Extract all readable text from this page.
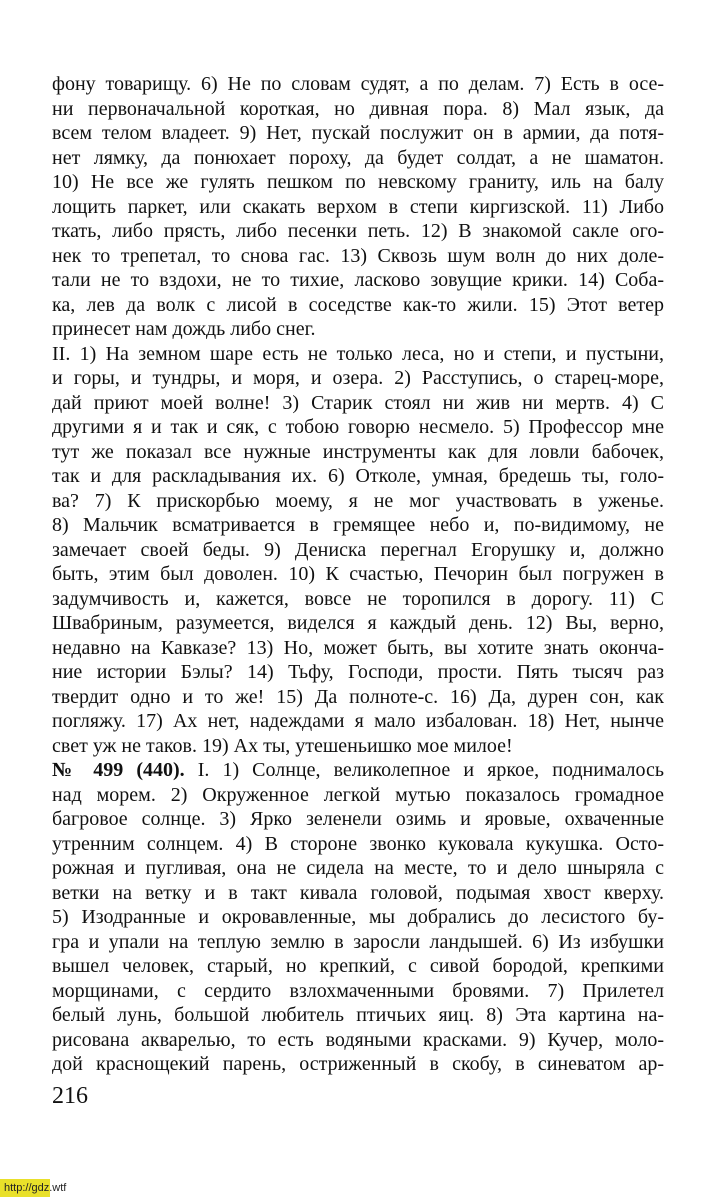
фону товарищу. 6) Не по словам судят, а по делам. 7) Есть в осе-
ни первоначальной короткая, но дивная пора. 8) Мал язык, да
всем телом владеет. 9) Нет, пускай послужит он в армии, да потя-
нет лямку, да понюхает пороху, да будет солдат, а не шаматон.
10) Не все же гулять пешком по невскому граниту, иль на балу
лощить паркет, или скакать верхом в степи киргизской. 11) Либо
ткать, либо прясть, либо песенки петь. 12) В знакомой сакле ого-
нек то трепетал, то снова гас. 13) Сквозь шум волн до них доле-
тали не то вздохи, не то тихие, ласково зовущие крики. 14) Соба-
ка, лев да волк с лисой в соседстве как-то жили. 15) Этот ветер
принесет нам дождь либо снег.
II. 1) На земном шаре есть не только леса, но и степи, и пустыни,
и горы, и тундры, и моря, и озера. 2) Расступись, о старец-море,
дай приют моей волне! 3) Старик стоял ни жив ни мертв. 4) С
другими я и так и сяк, с тобою говорю несмело. 5) Профессор мне
тут же показал все нужные инструменты как для ловли бабочек,
так и для раскладывания их. 6) Отколе, умная, бредешь ты, голо-
ва? 7) К прискорбью моему, я не мог участвовать в уженье.
8) Мальчик всматривается в гремящее небо и, по-видимому, не
замечает своей беды. 9) Дениска перегнал Егорушку и, должно
быть, этим был доволен. 10) К счастью, Печорин был погружен в
задумчивость и, кажется, вовсе не торопился в дорогу. 11) С
Швабриным, разумеется, виделся я каждый день. 12) Вы, верно,
недавно на Кавказе? 13) Но, может быть, вы хотите знать оконча-
ние истории Бэлы? 14) Тьфу, Господи, прости. Пять тысяч раз
твердит одно и то же! 15) Да полноте-с. 16) Да, дурен сон, как
погляжу. 17) Ах нет, надеждами я мало избалован. 18) Нет, нынче
свет уж не таков. 19) Ах ты, утешеньишко мое милое!
№ 499 (440). I. 1) Солнце, великолепное и яркое, поднималось
над морем. 2) Окруженное легкой мутью показалось громадное
багровое солнце. 3) Ярко зеленели озимь и яровые, охваченные
утренним солнцем. 4) В стороне звонко куковала кукушка. Осто-
рожная и пугливая, она не сидела на месте, то и дело шныряла с
ветки на ветку и в такт кивала головой, подымая хвост кверху.
5) Изодранные и окровавленные, мы добрались до лесистого бу-
гра и упали на теплую землю в заросли ландышей. 6) Из избушки
вышел человек, старый, но крепкий, с сивой бородой, крепкими
морщинами, с сердито взлохмаченными бровями. 7) Прилетел
белый лунь, большой любитель птичьих яиц. 8) Эта картина на-
рисована акварелью, то есть водяными красками. 9) Кучер, моло-
дой краснощекий парень, остриженный в скобу, в синеватом ар-
216
http://gdz.wtf
